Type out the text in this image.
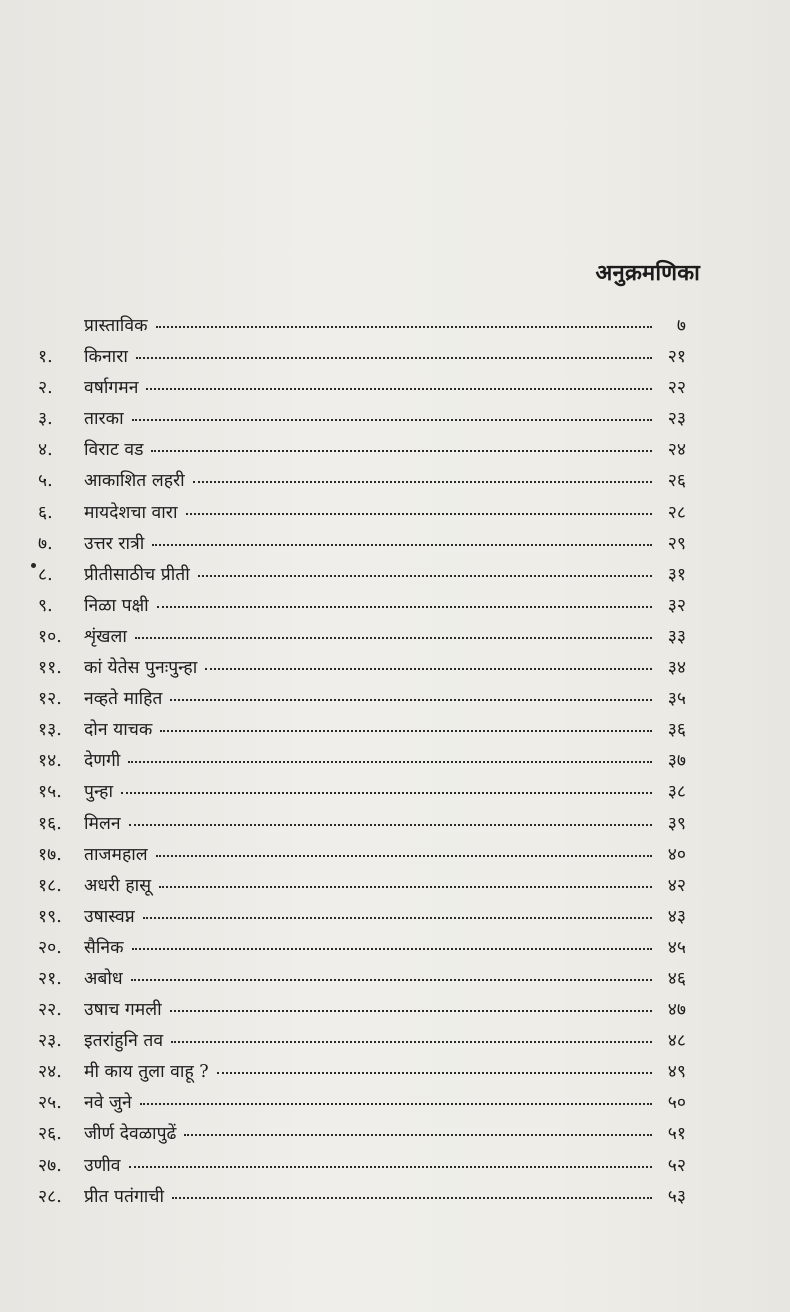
अनुक्रमणिका
प्रास्ताविक	७
१.	किनारा	२१
२.	वर्षागमन	२२
३.	तारका	२३
४.	विराट वड	२४
५.	आकाशित लहरी	२६
६.	मायदेशचा वारा	२८
७.	उत्तर रात्री	२९
८.	प्रीतीसाठीच प्रीती	३१
९.	निळा पक्षी	३२
१०.	शृंखला	३३
११.	कां येतेस पुनःपुन्हा	३४
१२.	नव्हते माहित	३५
१३.	दोन याचक	३६
१४.	देणगी	३७
१५.	पुन्हा	३८
१६.	मिलन	३९
१७.	ताजमहाल	४०
१८.	अधरी हासू	४२
१९.	उषास्वप्न	४३
२०.	सैनिक	४५
२१.	अबोध	४६
२२.	उषाच गमली	४७
२३.	इतरांहुनि तव	४८
२४.	मी काय तुला वाहू ?	४९
२५.	नवे जुने	५०
२६.	जीर्ण देवळापुढें	५१
२७.	उणीव	५२
२८.	प्रीत पतंगाची	५३
